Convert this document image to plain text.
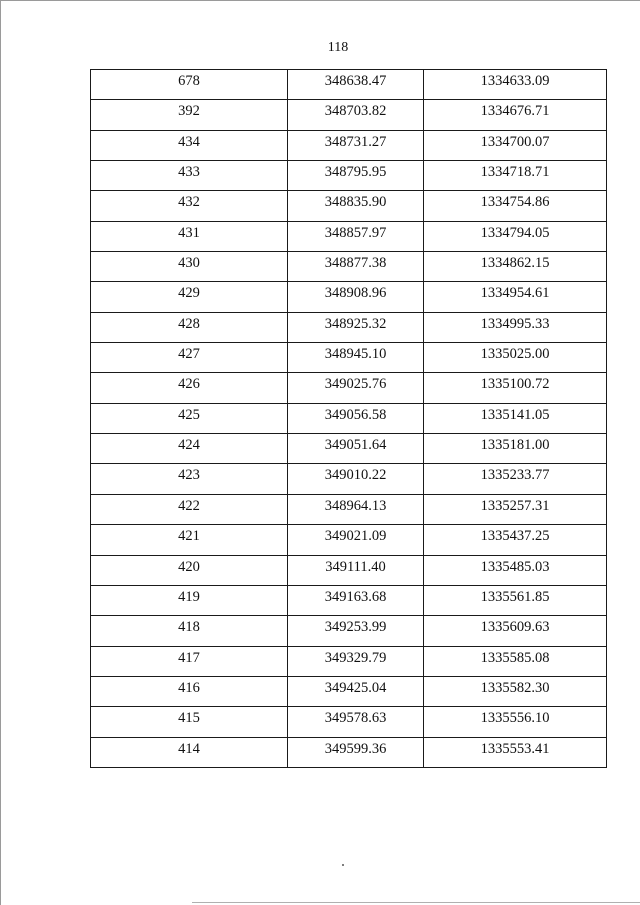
118
678	348638.47	1334633.09
392	348703.82	1334676.71
434	348731.27	1334700.07
433	348795.95	1334718.71
432	348835.90	1334754.86
431	348857.97	1334794.05
430	348877.38	1334862.15
429	348908.96	1334954.61
428	348925.32	1334995.33
427	348945.10	1335025.00
426	349025.76	1335100.72
425	349056.58	1335141.05
424	349051.64	1335181.00
423	349010.22	1335233.77
422	348964.13	1335257.31
421	349021.09	1335437.25
420	349111.40	1335485.03
419	349163.68	1335561.85
418	349253.99	1335609.63
417	349329.79	1335585.08
416	349425.04	1335582.30
415	349578.63	1335556.10
414	349599.36	1335553.41
